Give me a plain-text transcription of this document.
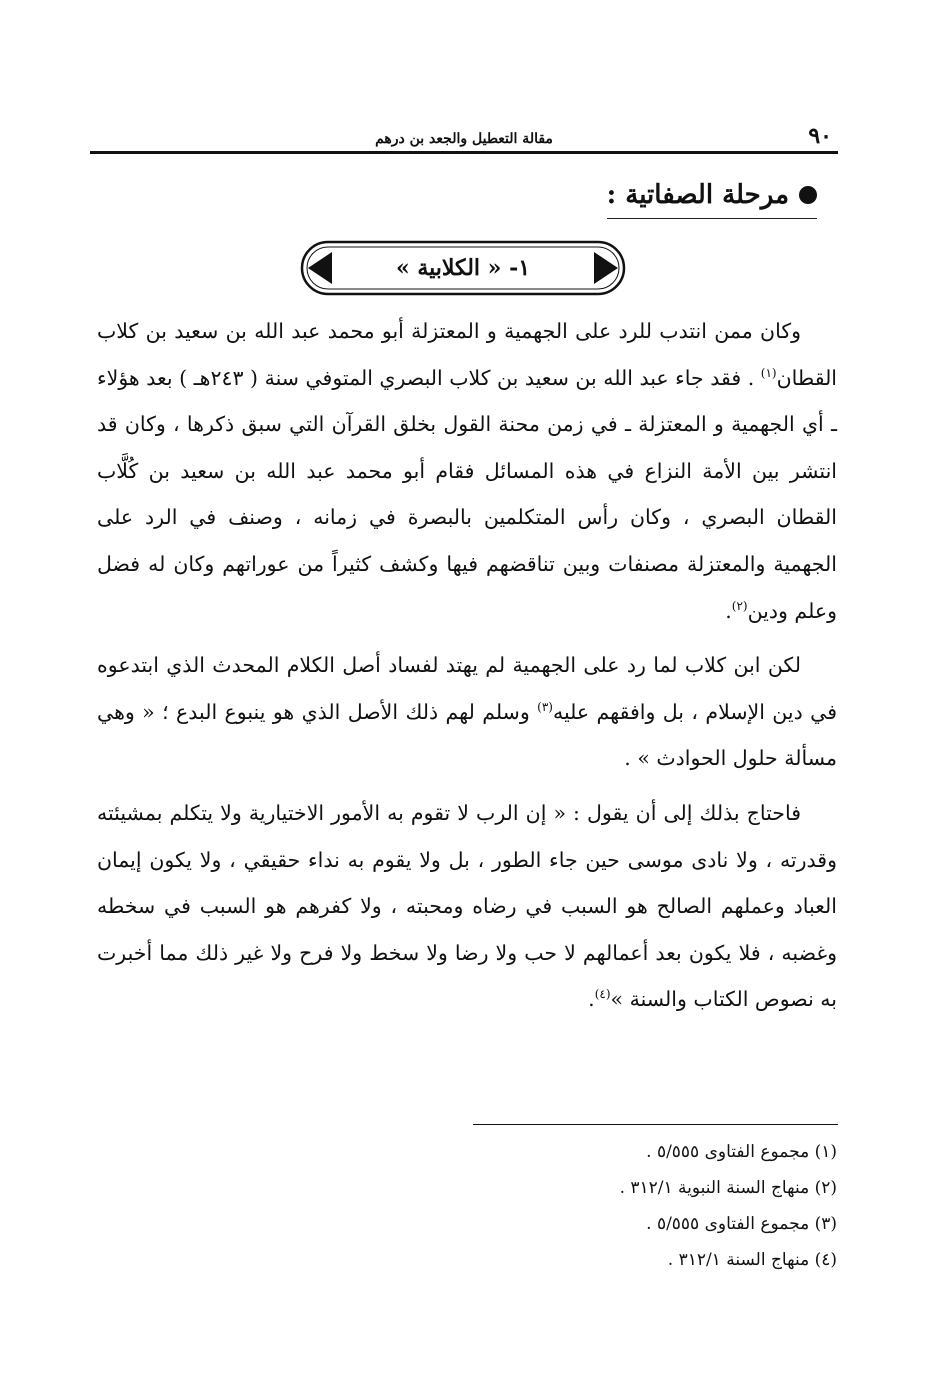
٩٠
مقالة التعطيل والجعد بن درهم
مرحلة الصفاتية :
١- « الكلابية »

وكان ممن انتدب للرد على الجهمية و المعتزلة أبو محمد عبد الله بن سعيد بن كلاب القطان$^{(١)}$ . فقد جاء عبد الله بن سعيد بن كلاب البصري المتوفي سنة ( ٢٤٣هـ ) بعد هؤلاء ـ أي الجهمية و المعتزلة ـ في زمن محنة القول بخلق القرآن التي سبق ذكرها ، وكان قد انتشر بين الأمة النزاع في هذه المسائل فقام أبو محمد عبد الله بن سعيد بن كُلَّاب القطان البصري ، وكان رأس المتكلمين بالبصرة في زمانه ، وصنف في الرد على الجهمية والمعتزلة مصنفات وبين تناقضهم فيها وكشف كثيراً من عوراتهم وكان له فضل وعلم ودين$^{(٢)}$.

لكن ابن كلاب لما رد على الجهمية لم يهتد لفساد أصل الكلام المحدث الذي ابتدعوه في دين الإسلام ، بل وافقهم عليه$^{(٣)}$ وسلم لهم ذلك الأصل الذي هو ينبوع البدع ؛ « وهي مسألة حلول الحوادث » .

فاحتاج بذلك إلى أن يقول : « إن الرب لا تقوم به الأمور الاختيارية ولا يتكلم بمشيئته وقدرته ، ولا نادى موسى حين جاء الطور ، بل ولا يقوم به نداء حقيقي ، ولا يكون إيمان العباد وعملهم الصالح هو السبب في رضاه ومحبته ، ولا كفرهم هو السبب في سخطه وغضبه ، فلا يكون بعد أعمالهم لا حب ولا رضا ولا سخط ولا فرح ولا غير ذلك مما أخبرت به نصوص الكتاب والسنة »$^{(٤)}$.

(١) مجموع الفتاوى ٥/٥٥٥ .
(٢) منهاج السنة النبوية ٣١٢/١ .
(٣) مجموع الفتاوى ٥/٥٥٥ .
(٤) منهاج السنة ٣١٢/١ .
